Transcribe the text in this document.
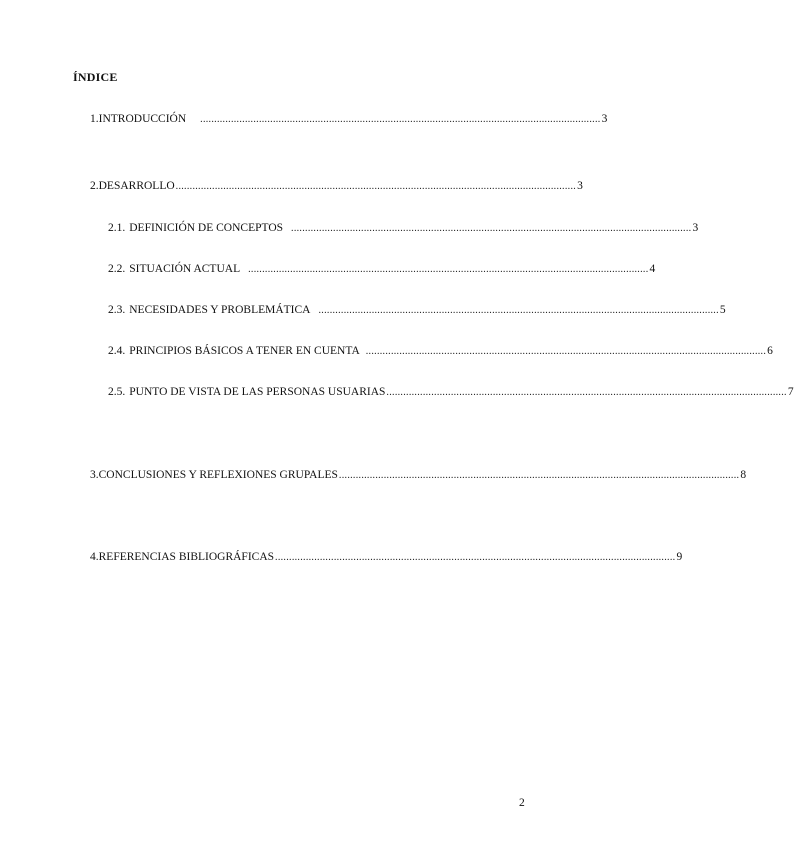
ÍNDICE
1. INTRODUCCIÓN ............................................................................................................................................... 3
2. DESARROLLO ............................................................................................................................................... 3
2.1. DEFINICIÓN DE CONCEPTOS ............................................................................................................................................... 3
2.2. SITUACIÓN ACTUAL ............................................................................................................................................... 4
2.3. NECESIDADES Y PROBLEMÁTICA ............................................................................................................................................... 5
2.4. PRINCIPIOS BÁSICOS A TENER EN CUENTA ............................................................................................................................................... 6
2.5. PUNTO DE VISTA DE LAS PERSONAS USUARIAS ............................................................................................................................................... 7
3. CONCLUSIONES Y REFLEXIONES GRUPALES ............................................................................................................................................... 8
4. REFERENCIAS BIBLIOGRÁFICAS ............................................................................................................................................... 9
2
